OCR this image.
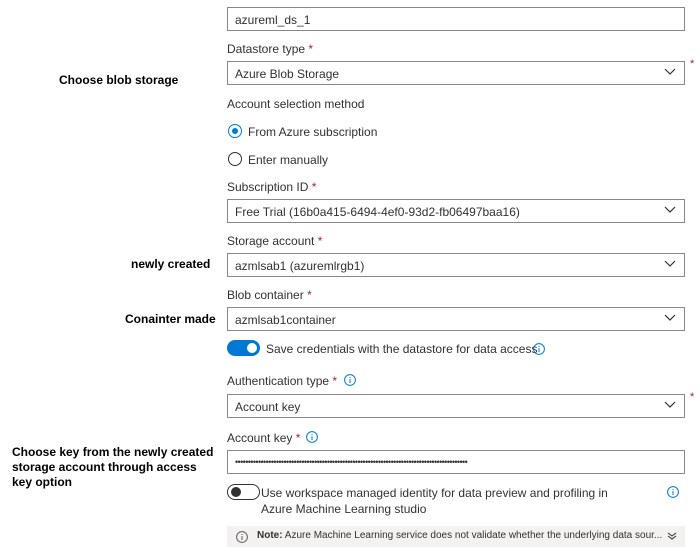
Choose blob storage
newly created
Conainter made
Choose key from the newly created storage account through access key option
azureml_ds_1
Datastore type *
Azure Blob Storage
*
Account selection method
From Azure subscription
Enter manually
Subscription ID *
Free Trial (16b0a415-6494-4ef0-93d2-fb06497baa16)
Storage account *
azmlsab1 (azuremlrgb1)
Blob container *
azmlsab1container
Save credentials with the datastore for data access
Authentication type *
Account key
*
Account key *
•••••••••••••••••••••••••••••••••••••••••••••••••••••••••••••••••••••••••••••••••••••••••••
Use workspace managed identity for data preview and profiling in Azure Machine Learning studio
Note: Azure Machine Learning service does not validate whether the underlying data sour...
